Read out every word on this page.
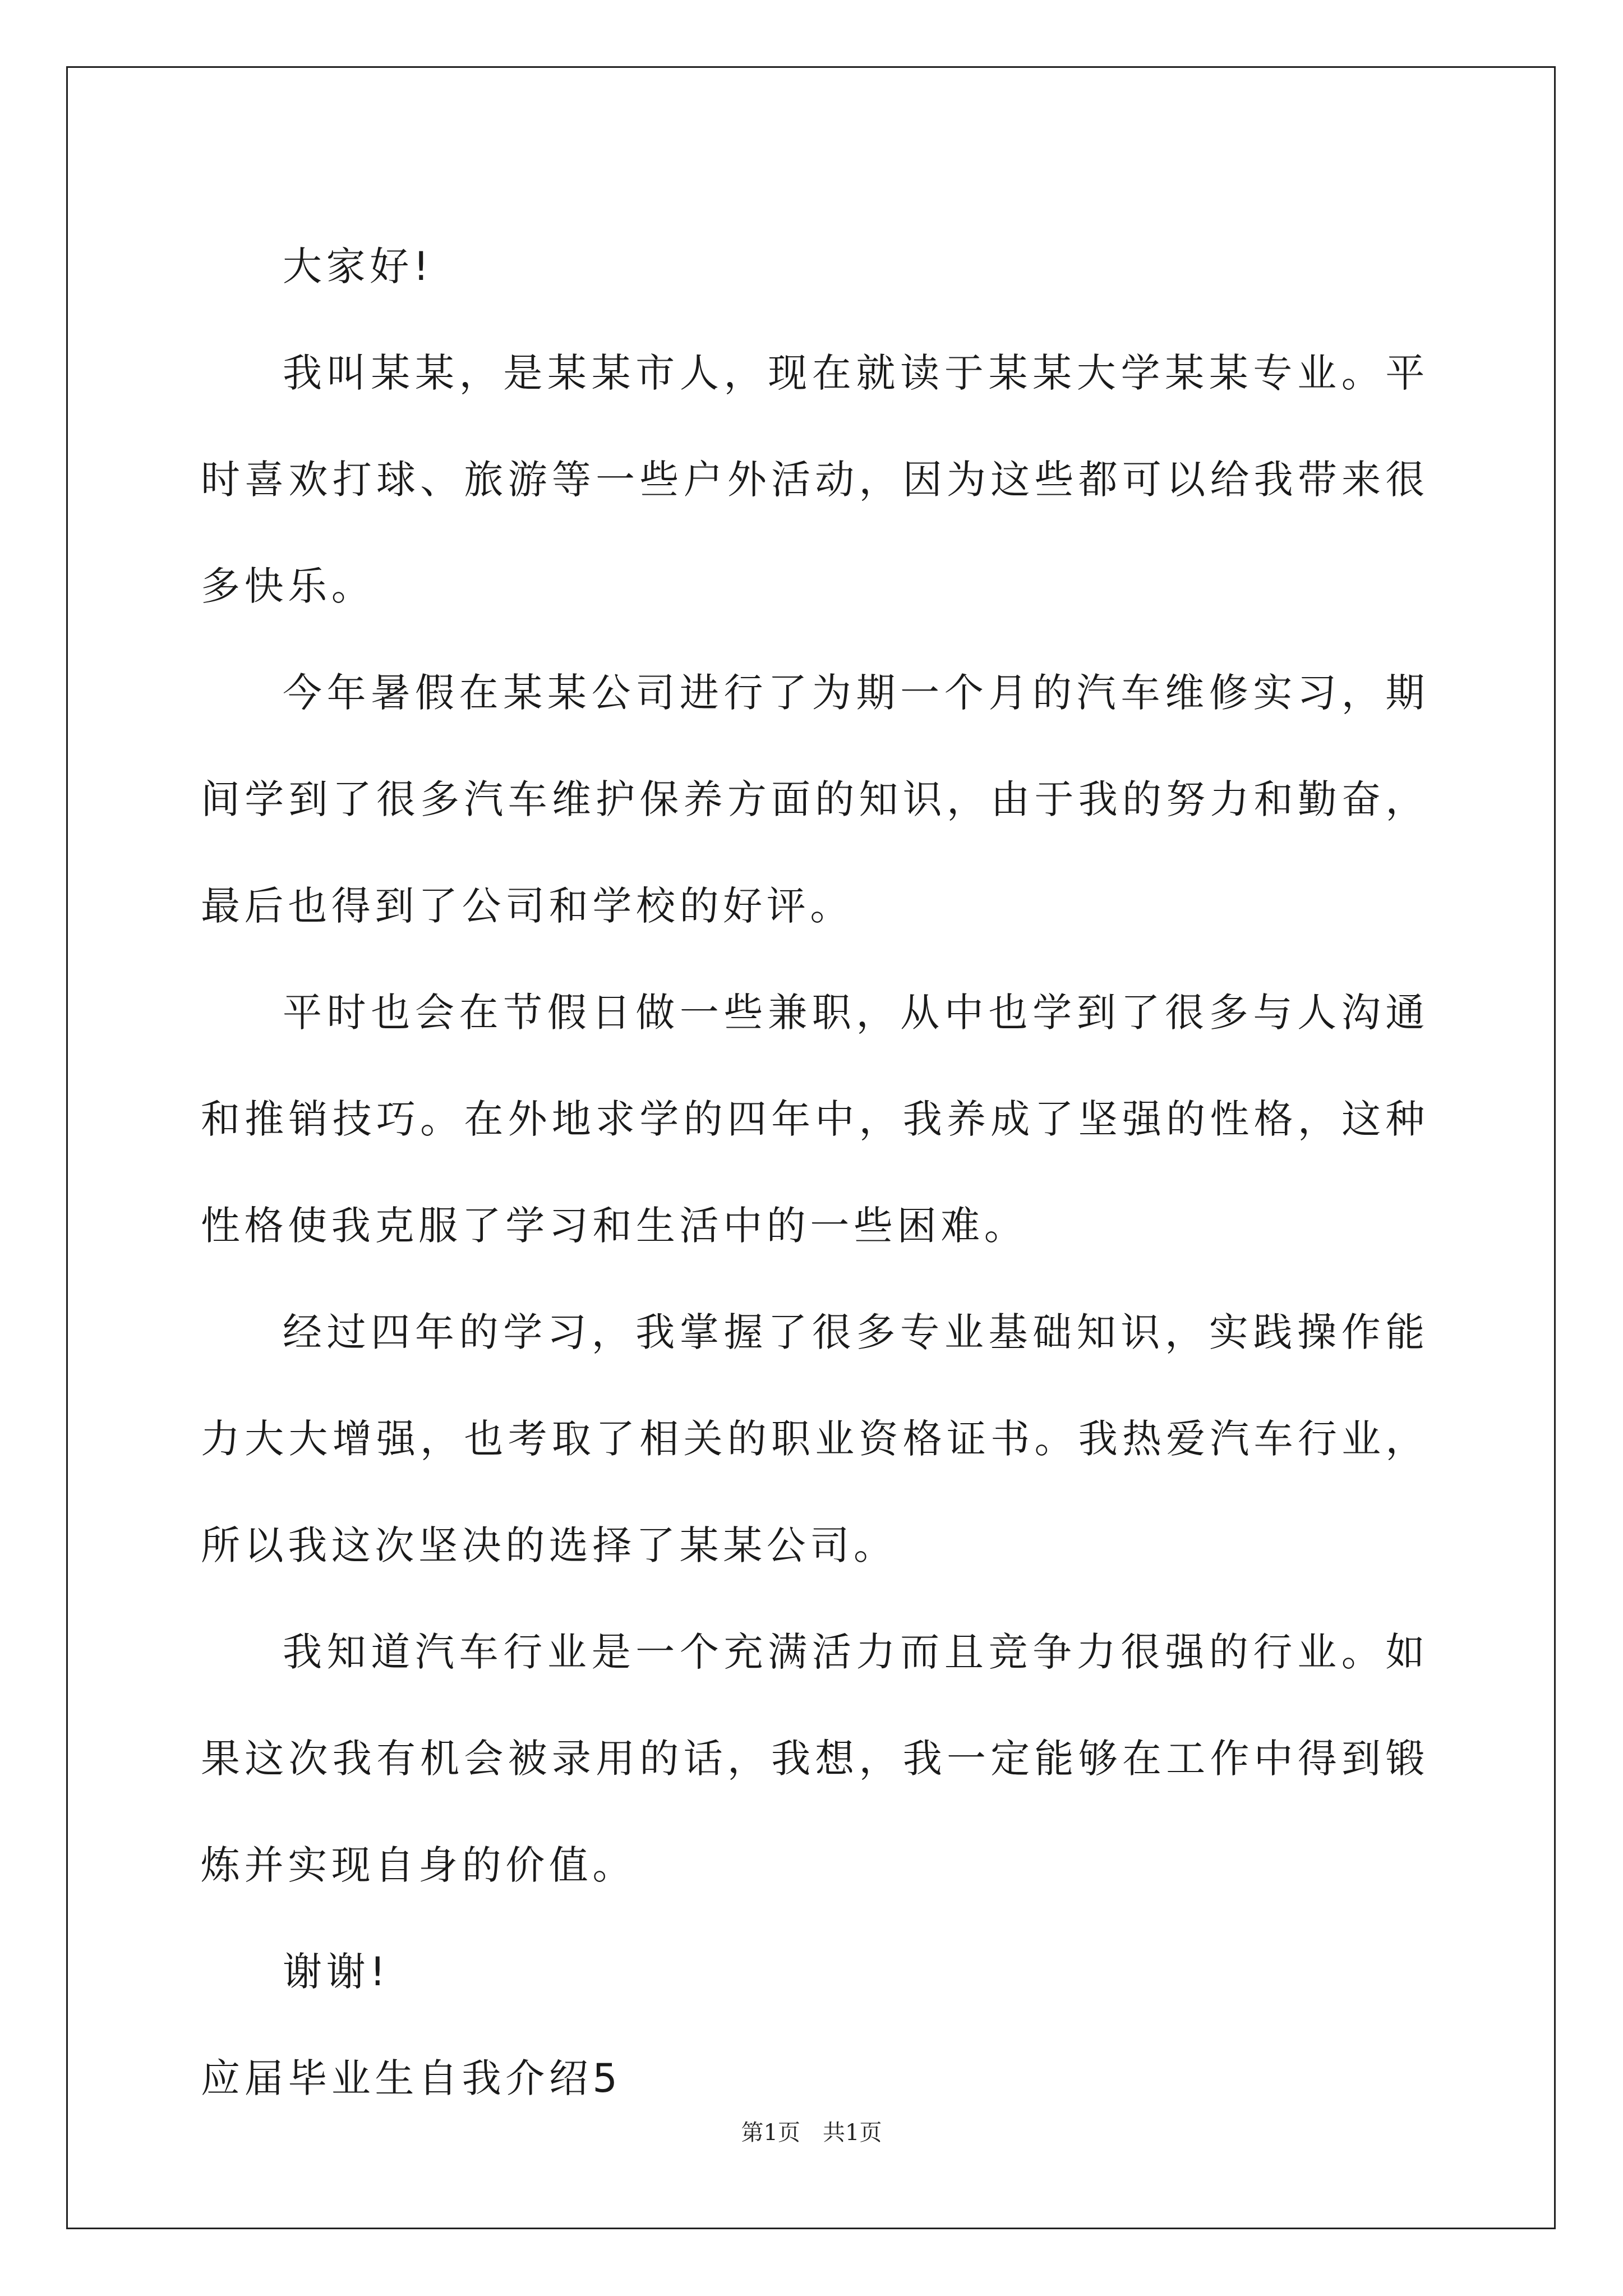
大家好!

我叫某某，是某某市人，现在就读于某某大学某某专业。平时喜欢打球、旅游等一些户外活动，因为这些都可以给我带来很多快乐。

今年暑假在某某公司进行了为期一个月的汽车维修实习，期间学到了很多汽车维护保养方面的知识，由于我的努力和勤奋，最后也得到了公司和学校的好评。

平时也会在节假日做一些兼职，从中也学到了很多与人沟通和推销技巧。在外地求学的四年中，我养成了坚强的性格，这种性格使我克服了学习和生活中的一些困难。

经过四年的学习，我掌握了很多专业基础知识，实践操作能力大大增强，也考取了相关的职业资格证书。我热爱汽车行业，所以我这次坚决的选择了某某公司。

我知道汽车行业是一个充满活力而且竞争力很强的行业。如果这次我有机会被录用的话，我想，我一定能够在工作中得到锻炼并实现自身的价值。

谢谢!

应届毕业生自我介绍5

第1页　共1页
